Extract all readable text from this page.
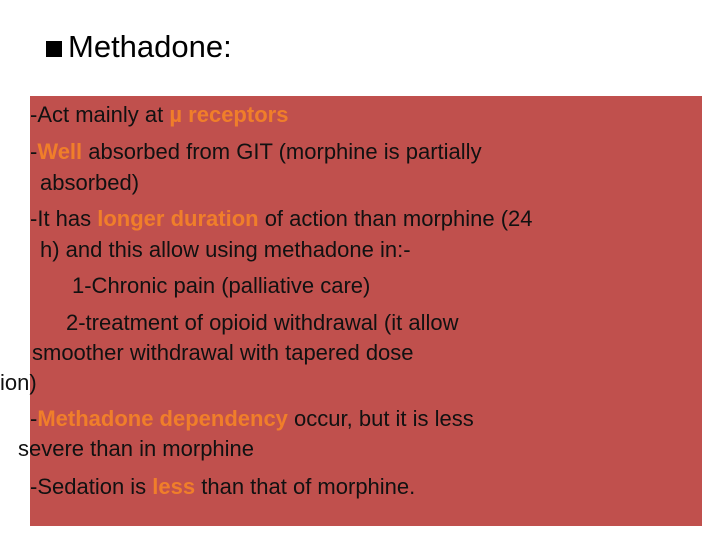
Methadone:
-Act mainly at µ receptors
-Well absorbed from GIT (morphine is partially
absorbed)
-It has longer duration of action than morphine (24
h) and this allow using methadone in:-
1-Chronic pain (palliative care)
2-treatment of opioid withdrawal (it allow
smoother withdrawal with tapered dose
ion)
-Methadone dependency occur, but it is less
severe than in morphine
-Sedation is less than that of morphine.
